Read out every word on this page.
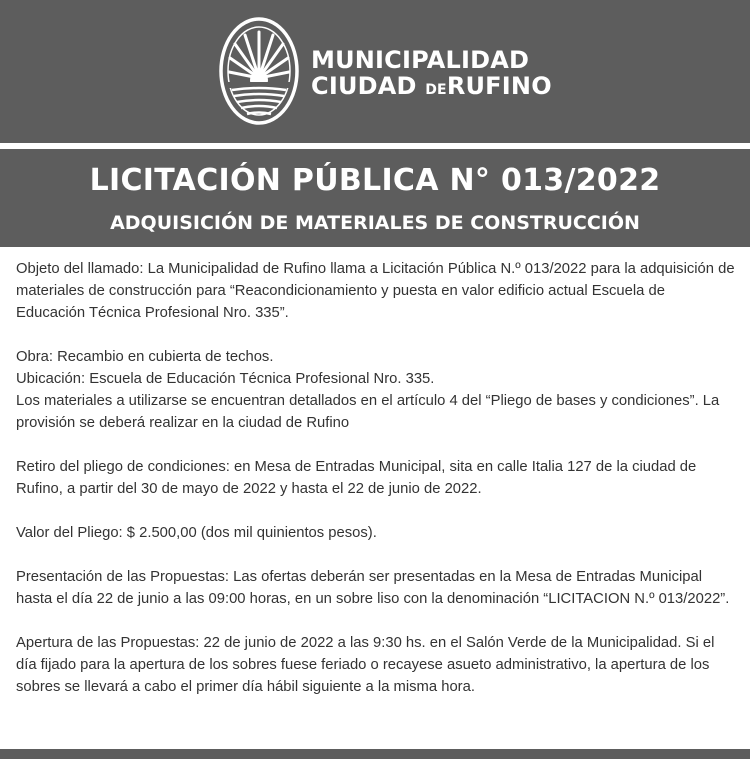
MUNICIPALIDAD
CIUDAD DERUFINO
LICITACIÓN PÚBLICA N° 013/2022
ADQUISICIÓN DE MATERIALES DE CONSTRUCCIÓN

Objeto del llamado: La Municipalidad de Rufino llama a Licitación Pública N.º 013/2022 para la adquisición de materiales de construcción para “Reacondicionamiento y puesta en valor edificio actual Escuela de Educación Técnica Profesional Nro. 335”.

Obra: Recambio en cubierta de techos.
Ubicación: Escuela de Educación Técnica Profesional Nro. 335.
Los materiales a utilizarse se encuentran detallados en el artículo 4 del “Pliego de bases y condiciones”. La provisión se deberá realizar en la ciudad de Rufino

Retiro del pliego de condiciones: en Mesa de Entradas Municipal, sita en calle Italia 127 de la ciudad de Rufino, a partir del 30 de mayo de 2022 y hasta el 22 de junio de 2022.

Valor del Pliego: $ 2.500,00 (dos mil quinientos pesos).

Presentación de las Propuestas: Las ofertas deberán ser presentadas en la Mesa de Entradas Municipal hasta el día 22 de junio a las 09:00 horas, en un sobre liso con la denominación “LICITACION N.º 013/2022”.

Apertura de las Propuestas: 22 de junio de 2022 a las 9:30 hs. en el Salón Verde de la Municipalidad. Si el día fijado para la apertura de los sobres fuese feriado o recayese asueto administrativo, la apertura de los sobres se llevará a cabo el primer día hábil siguiente a la misma hora.
